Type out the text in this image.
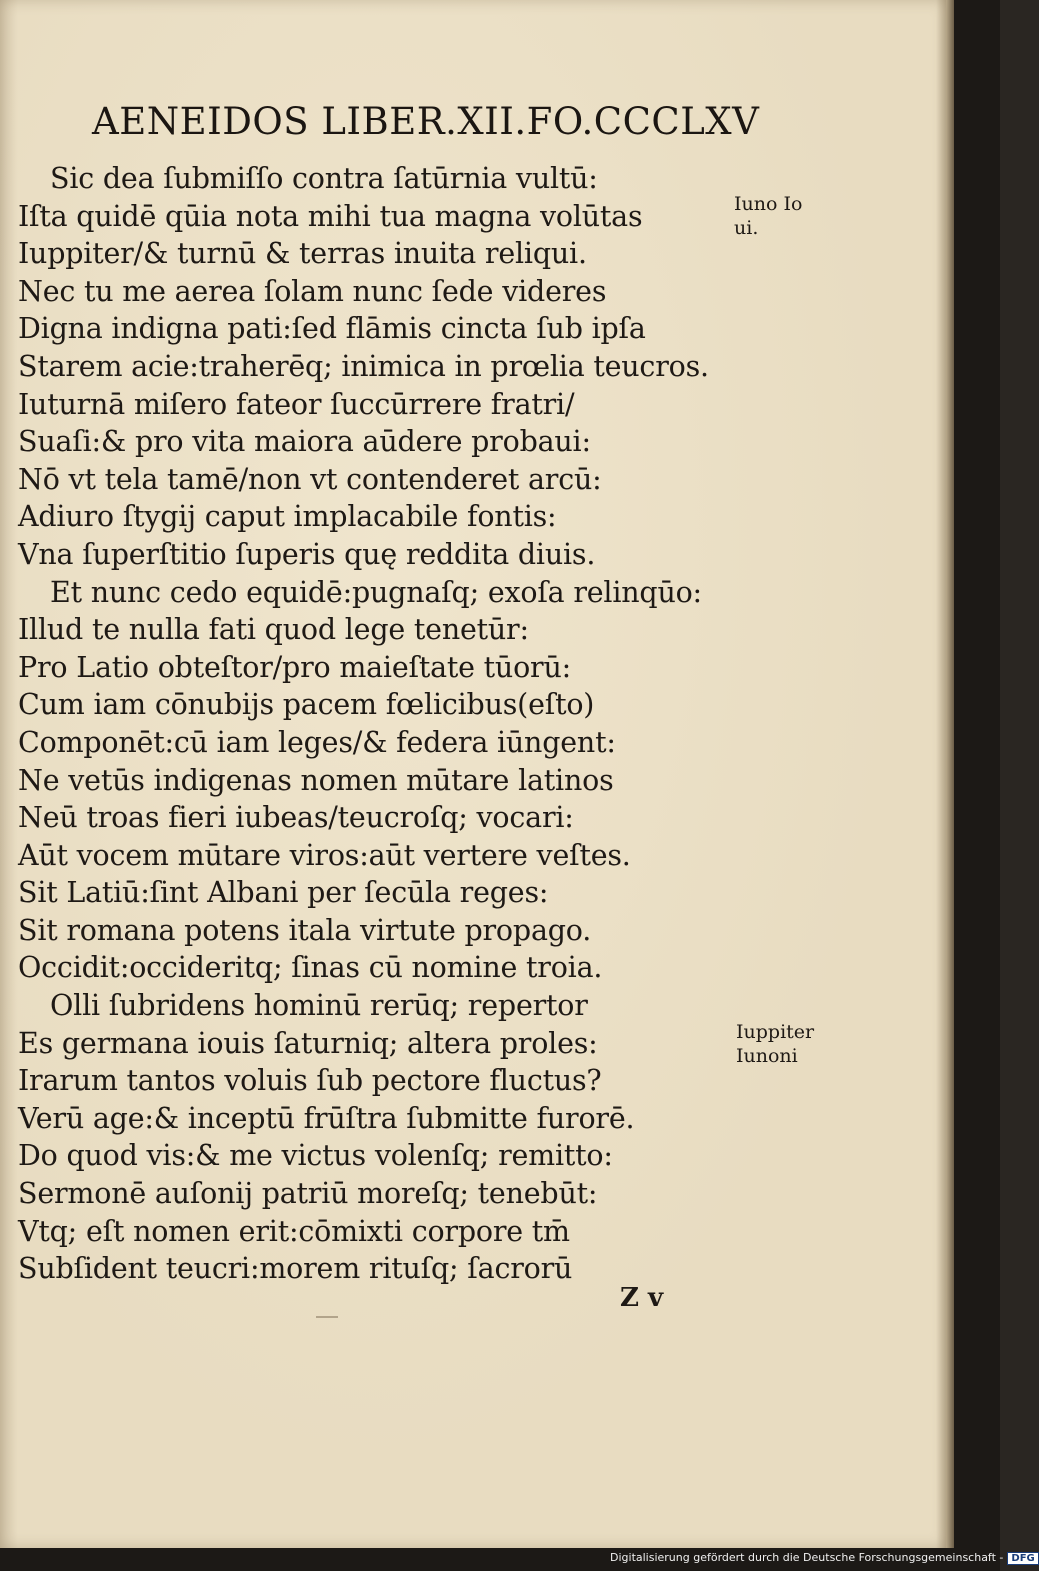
AENEIDOS LIBER.XII.FO.CCCLXV
Sic dea ſubmiſſo contra ſatūrnia vultū:
Iſta quidē qūia nota mihi tua magna volūtas
Iuppiter/& turnū & terras inuita reliqui.
Nec tu me aerea ſolam nunc ſede videres
Digna indigna pati:ſed flāmis cincta ſub ipſa
Starem acie:traherēq; inimica in prœlia teucros.
Iuturnā miſero fateor ſuccūrrere fratri/
Suaſi:& pro vita maiora aūdere probaui:
Nō vt tela tamē/non vt contenderet arcū:
Adiuro ſtygij caput implacabile fontis:
Vna ſuperſtitio ſuperis quę reddita diuis.
Et nunc cedo equidē:pugnaſq; exoſa relinqūo:
Illud te nulla fati quod lege tenetūr:
Pro Latio obteſtor/pro maieſtate tūorū:
Cum iam cōnubijs pacem fœlicibus(eſto)
Componēt:cū iam leges/& federa iūngent:
Ne vetūs indigenas nomen mūtare latinos
Neū troas fieri iubeas/teucroſq; vocari:
Aūt vocem mūtare viros:aūt vertere veſtes.
Sit Latiū:ſint Albani per ſecūla reges:
Sit romana potens itala virtute propago.
Occidit:occideritq; ſinas cū nomine troia.
Olli ſubridens hominū rerūq; repertor
Es germana iouis ſaturniq; altera proles:
Irarum tantos voluis ſub pectore fluctus?
Verū age:& inceptū frūſtra ſubmitte furorē.
Do quod vis:& me victus volenſq; remitto:
Sermonē auſonij patriū moreſq; tenebūt:
Vtq; eſt nomen erit:cōmixti corpore tm̄
Subſident teucri:morem rituſq; ſacrorū
Iuno Io
ui.
Iuppiter
Iunoni
Z v
Digitalisierung gefördert durch die Deutsche Forschungsgemeinschaft - DFG
